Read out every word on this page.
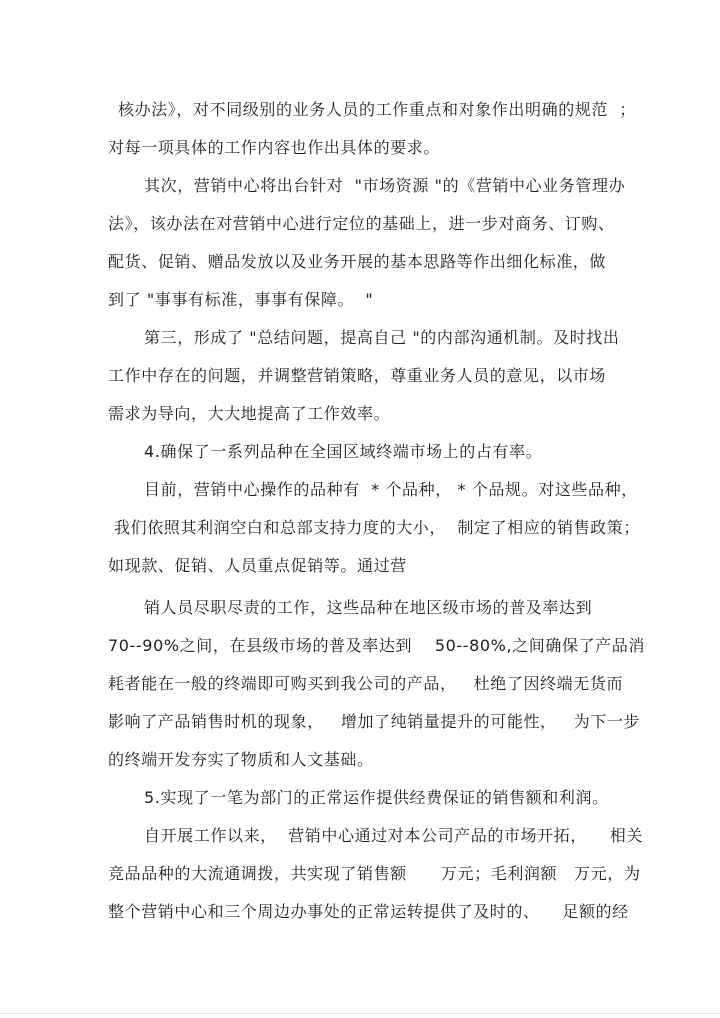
核办法》，对不同级别的业务人员的工作重点和对象作出明确的规范  ；
对每一项具体的工作内容也作出具体的要求。
其次，营销中心将出台针对  "市场资源 "的《营销中心业务管理办
法》，该办法在对营销中心进行定位的基础上，进一步对商务、订购、
配货、促销、赠品发放以及业务开展的基本思路等作出细化标准，做
到了 "事事有标准，事事有保障。  "
第三，形成了 "总结问题，提高自己 "的内部沟通机制。及时找出
工作中存在的问题，并调整营销策略，尊重业务人员的意见，以市场
需求为导向，大大地提高了工作效率。
4.确保了一系列品种在全国区域终端市场上的占有率。
目前，营销中心操作的品种有  * 个品种， * 个品规。对这些品种，
我们依照其利润空白和总部支持力度的大小，  制定了相应的销售政策；
如现款、促销、人员重点促销等。通过营
销人员尽职尽责的工作，这些品种在地区级市场的普及率达到
70--90%之间，在县级市场的普及率达到    50--80%,之间确保了产品消
耗者能在一般的终端即可购买到我公司的产品，   杜绝了因终端无货而
影响了产品销售时机的现象，   增加了纯销量提升的可能性，   为下一步
的终端开发夯实了物质和人文基础。
5.实现了一笔为部门的正常运作提供经费保证的销售额和利润。
自开展工作以来，  营销中心通过对本公司产品的市场开拓，    相关
竞品品种的大流通调拨，共实现了销售额      万元；毛利润额   万元，为
整个营销中心和三个周边办事处的正常运转提供了及时的、    足额的经
